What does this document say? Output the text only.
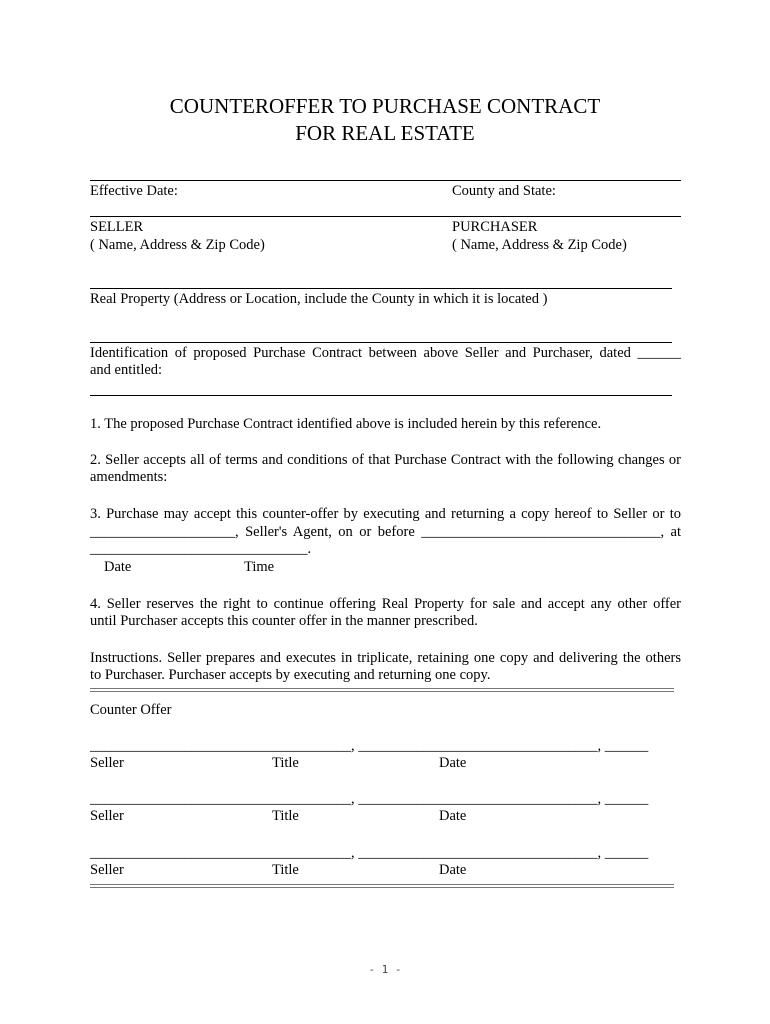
COUNTEROFFER TO PURCHASE CONTRACT
FOR REAL ESTATE
Effective Date:	County and State:
SELLER
( Name, Address & Zip Code)
PURCHASER
( Name, Address & Zip Code)
Real Property (Address or Location, include the County in which it is located )
Identification of proposed Purchase Contract between above Seller and Purchaser, dated ______
and entitled:
1. The proposed Purchase Contract identified above is included herein by this reference.
2. Seller accepts all of terms and conditions of that Purchase Contract with the following changes or
amendments:
3. Purchase may accept this counter-offer by executing and returning a copy hereof to Seller or to
____________________, Seller's Agent, on or before _________________________________, at
______________________________.
Date	Time
4. Seller reserves the right to continue offering Real Property for sale and accept any other offer
until Purchaser accepts this counter offer in the manner prescribed.
Instructions. Seller prepares and executes in triplicate, retaining one copy and delivering the others
to Purchaser. Purchaser accepts by executing and returning one copy.
Counter Offer
____________________________________, _________________________________, ______
Seller	Title	Date
____________________________________, _________________________________, ______
Seller	Title	Date
____________________________________, _________________________________, ______
Seller	Title	Date
- 1 -
